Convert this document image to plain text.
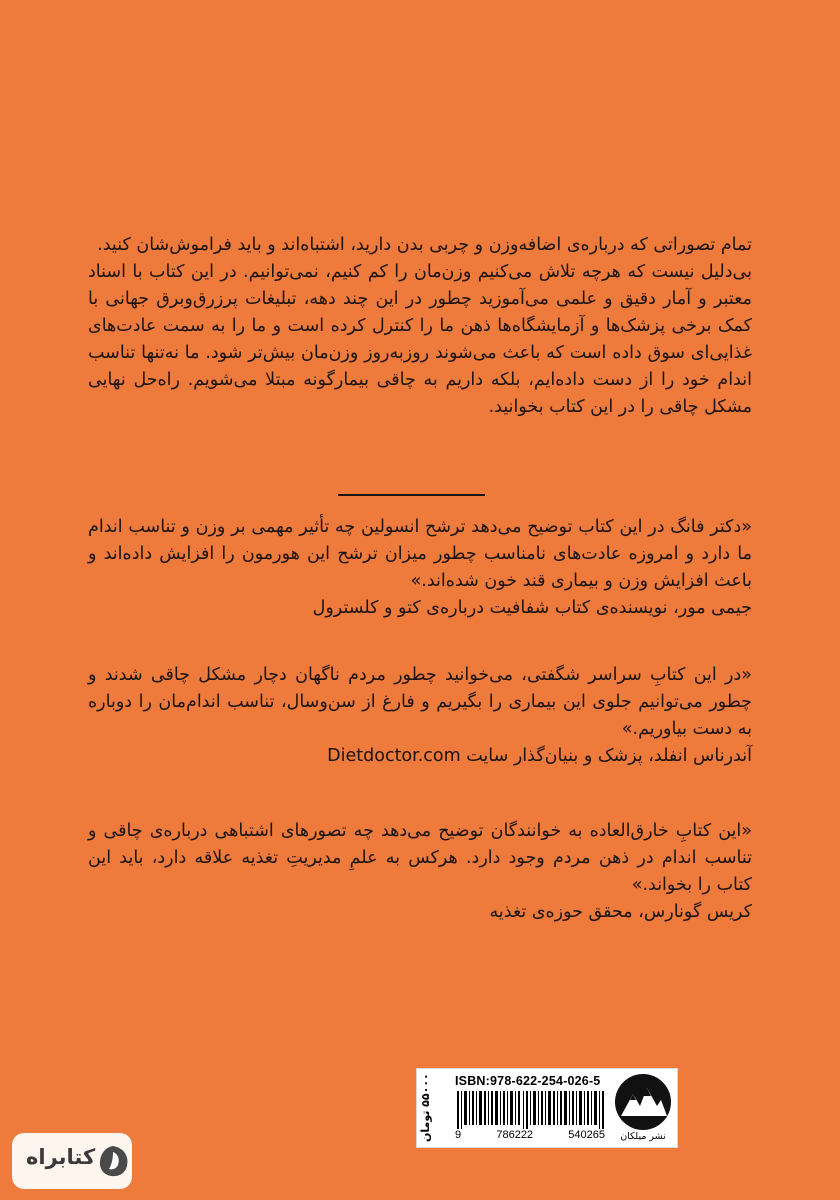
تمام تصوراتی که درباره‌ی اضافه‌وزن و چربی بدن دارید، اشتباه‌اند و باید فراموش‌شان کنید.

بی‌دلیل نیست که هرچه تلاش می‌کنیم وزن‌مان را کم کنیم، نمی‌توانیم. در این کتاب با اسناد معتبر و آمار دقیق و علمی می‌آموزید چطور در این چند دهه، تبلیغات پرزرق‌وبرق جهانی با کمک برخی پزشک‌ها و آزمایشگاه‌ها ذهن ما را کنترل کرده است و ما را به سمت عادت‌های غذایی‌ای سوق داده است که باعث می‌شوند روزبه‌روز وزن‌مان بیش‌تر شود. ما نه‌تنها تناسب اندام خود را از دست داده‌ایم، بلکه داریم به چاقی بیمارگونه مبتلا می‌شویم. راه‌حل نهایی مشکل چاقی را در این کتاب بخوانید.

«دکتر فانگ در این کتاب توضیح می‌دهد ترشح انسولین چه تأثیر مهمی بر وزن و تناسب اندام ما دارد و امروزه عادت‌های نامناسب چطور میزان ترشح این هورمون را افزایش داده‌اند و باعث افزایش وزن و بیماری قند خون شده‌اند.»

جیمی مور، نویسنده‌ی کتاب شفافیت درباره‌ی کتو و کلسترول

«در این کتابِ سراسر شگفتی، می‌خوانید چطور مردم ناگهان دچار مشکل چاقی شدند و چطور می‌توانیم جلوی این بیماری را بگیریم و فارغ از سن‌وسال، تناسب اندام‌مان را دوباره به دست بیاوریم.»

آندرناس انفلد، پزشک و بنیان‌گذار سایت Dietdoctor.com

«این کتابِ خارق‌العاده به خوانندگان توضیح می‌دهد چه تصورهای اشتباهی درباره‌ی چاقی و تناسب اندام در ذهن مردم وجود دارد. هرکس به علمِ مدیریتِ تغذیه علاقه دارد، باید این کتاب را بخواند.»

کریس گونارس، محقق حوزه‌ی تغذیه

۵۵۰۰۰ تومان	ISBN:978-622-254-026-5
9	786222	540265	نشر میلکان
کتابراه
